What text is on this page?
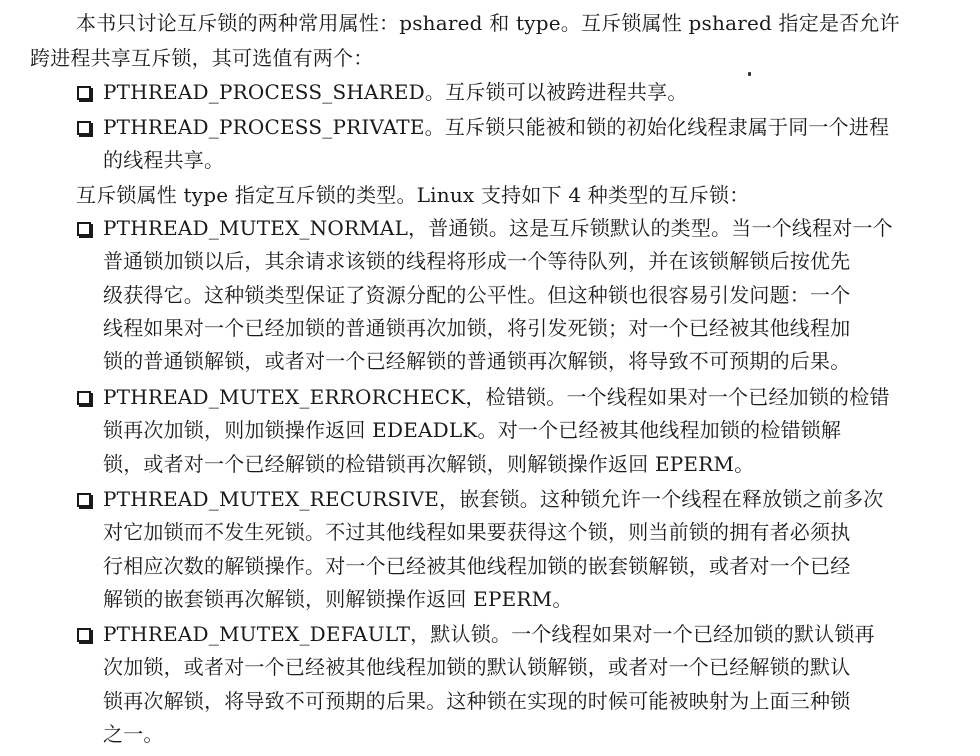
本书只讨论互斥锁的两种常用属性：pshared 和 type。互斥锁属性 pshared 指定是否允许
跨进程共享互斥锁，其可选值有两个：
PTHREAD_PROCESS_SHARED。互斥锁可以被跨进程共享。
PTHREAD_PROCESS_PRIVATE。互斥锁只能被和锁的初始化线程隶属于同一个进程
的线程共享。
互斥锁属性 type 指定互斥锁的类型。Linux 支持如下 4 种类型的互斥锁：
PTHREAD_MUTEX_NORMAL，普通锁。这是互斥锁默认的类型。当一个线程对一个
普通锁加锁以后，其余请求该锁的线程将形成一个等待队列，并在该锁解锁后按优先
级获得它。这种锁类型保证了资源分配的公平性。但这种锁也很容易引发问题：一个
线程如果对一个已经加锁的普通锁再次加锁，将引发死锁；对一个已经被其他线程加
锁的普通锁解锁，或者对一个已经解锁的普通锁再次解锁，将导致不可预期的后果。
PTHREAD_MUTEX_ERRORCHECK，检错锁。一个线程如果对一个已经加锁的检错
锁再次加锁，则加锁操作返回 EDEADLK。对一个已经被其他线程加锁的检错锁解
锁，或者对一个已经解锁的检错锁再次解锁，则解锁操作返回 EPERM。
PTHREAD_MUTEX_RECURSIVE，嵌套锁。这种锁允许一个线程在释放锁之前多次
对它加锁而不发生死锁。不过其他线程如果要获得这个锁，则当前锁的拥有者必须执
行相应次数的解锁操作。对一个已经被其他线程加锁的嵌套锁解锁，或者对一个已经
解锁的嵌套锁再次解锁，则解锁操作返回 EPERM。
PTHREAD_MUTEX_DEFAULT，默认锁。一个线程如果对一个已经加锁的默认锁再
次加锁，或者对一个已经被其他线程加锁的默认锁解锁，或者对一个已经解锁的默认
锁再次解锁，将导致不可预期的后果。这种锁在实现的时候可能被映射为上面三种锁
之一。
